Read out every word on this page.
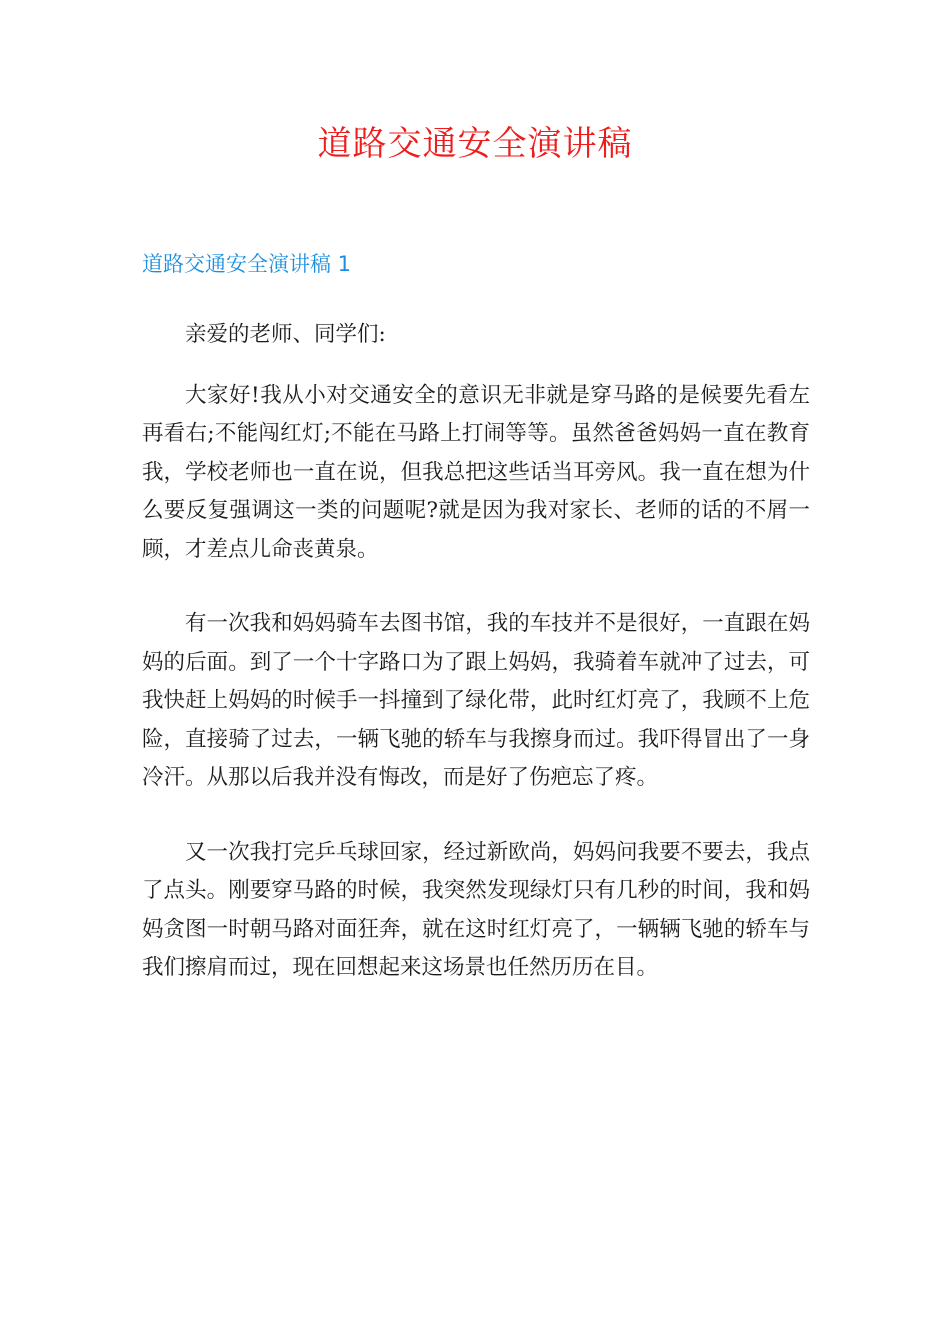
道路交通安全演讲稿
道路交通安全演讲稿 1

亲爱的老师、同学们:

大家好!我从小对交通安全的意识无非就是穿马路的是候要先看左再看右;不能闯红灯;不能在马路上打闹等等。虽然爸爸妈妈一直在教育我，学校老师也一直在说，但我总把这些话当耳旁风。我一直在想为什么要反复强调这一类的问题呢?就是因为我对家长、老师的话的不屑一顾，才差点儿命丧黄泉。

有一次我和妈妈骑车去图书馆，我的车技并不是很好，一直跟在妈妈的后面。到了一个十字路口为了跟上妈妈，我骑着车就冲了过去，可我快赶上妈妈的时候手一抖撞到了绿化带，此时红灯亮了，我顾不上危险，直接骑了过去，一辆飞驰的轿车与我擦身而过。我吓得冒出了一身冷汗。从那以后我并没有悔改，而是好了伤疤忘了疼。

又一次我打完乒乓球回家，经过新欧尚，妈妈问我要不要去，我点了点头。刚要穿马路的时候，我突然发现绿灯只有几秒的时间，我和妈妈贪图一时朝马路对面狂奔，就在这时红灯亮了，一辆辆飞驰的轿车与我们擦肩而过，现在回想起来这场景也任然历历在目。
